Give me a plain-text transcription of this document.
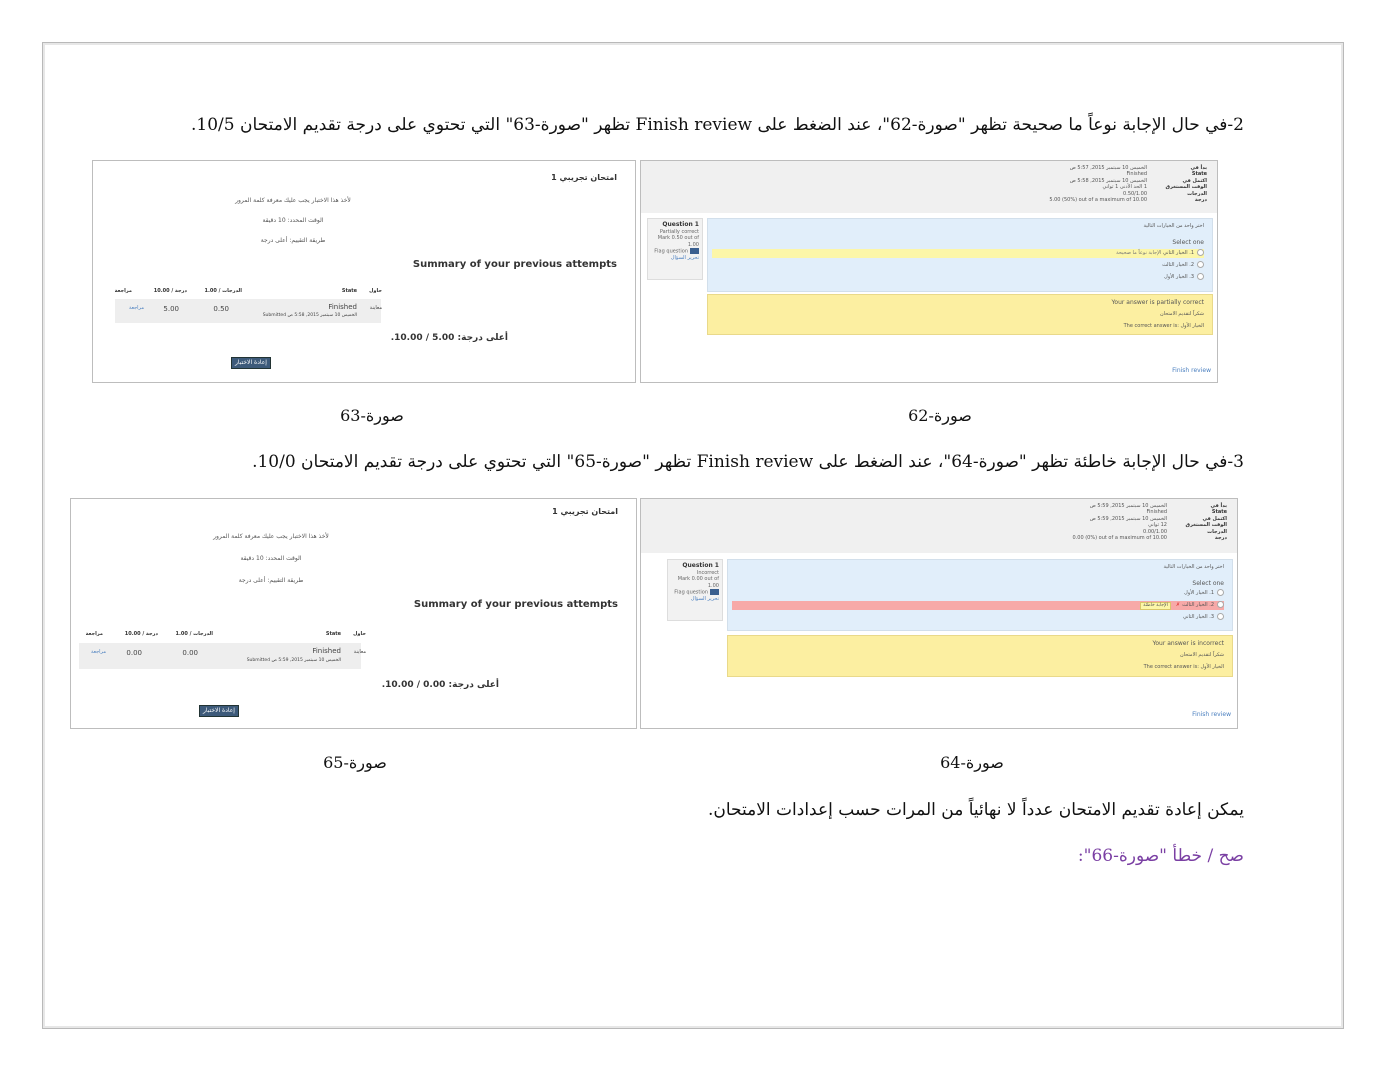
2-في حال الإجابة نوعاً ما صحيحة تظهر "صورة-62"، عند الضغط على Finish review تظهر "صورة-63" التي تحتوي على درجة تقديم الامتحان 10/5.
بدأ في
الخميس 10 سبتمبر 2015, 5:57 ص
State
Finished
اكتمل في
الخميس 10 سبتمبر 2015, 5:58 ص
الوقت المستغرق
1 الحد الأدنى 1 ثواني
الدرجات
0.50/1.00
درجة
5.00 (50%) out of a maximum of 10.00
Question 1
Partially correct
Mark 0.50 out of 1.00
Flag question
تحرير السؤال
اختر واحد من الخيارات التالية
Select one
1. الخيار الثاني الإجابة نوعاً ما صحيحة
2. الخيار الثالث
3. الخيار الأول
Your answer is partially correct
شكراً لتقديم الامتحان
The correct answer is: الخيار الأول
Finish review
امتحان تجريبي 1
لأخذ هذا الاختبار يجب عليك معرفة كلمة المرور
الوقت المحدد: 10 دقيقة
طريقة التقييم: أعلى درجة
Summary of your previous attempts
حاول
State
الدرجات / 1.00
درجة / 10.00
مراجعة
معاينة
Finished
Submitted الخميس 10 سبتمبر 2015, 5:58 ص
0.50
5.00
مراجعة
أعلى درجة: 5.00 / 10.00.
إعادة الاختبار
صورة-62
صورة-63
3-في حال الإجابة خاطئة تظهر "صورة-64"، عند الضغط على Finish review تظهر "صورة-65" التي تحتوي على درجة تقديم الامتحان 10/0.
بدأ في
الخميس 10 سبتمبر 2015, 5:59 ص
State
Finished
اكتمل في
الخميس 10 سبتمبر 2015, 5:59 ص
الوقت المستغرق
12 ثواني
الدرجات
0.00/1.00
درجة
0.00 (0%) out of a maximum of 10.00
Question 1
Incorrect
Mark 0.00 out of 1.00
Flag question
تحرير السؤال
اختر واحد من الخيارات التالية
Select one
1. الخيار الأول
2. الخيار الثالث✗الإجابة خاطئة
3. الخيار الثاني
Your answer is incorrect
شكراً لتقديم الامتحان
The correct answer is: الخيار الأول
Finish review
امتحان تجريبي 1
لأخذ هذا الاختبار يجب عليك معرفة كلمة المرور
الوقت المحدد: 10 دقيقة
طريقة التقييم: أعلى درجة
Summary of your previous attempts
حاول
State
الدرجات / 1.00
درجة / 10.00
مراجعة
معاينة
Finished
Submitted الخميس 10 سبتمبر 2015, 5:59 ص
0.00
0.00
مراجعة
أعلى درجة: 0.00 / 10.00.
إعادة الاختبار
صورة-64
صورة-65
يمكن إعادة تقديم الامتحان عدداً لا نهائياً من المرات حسب إعدادات الامتحان.
صح / خطأ "صورة-66":
